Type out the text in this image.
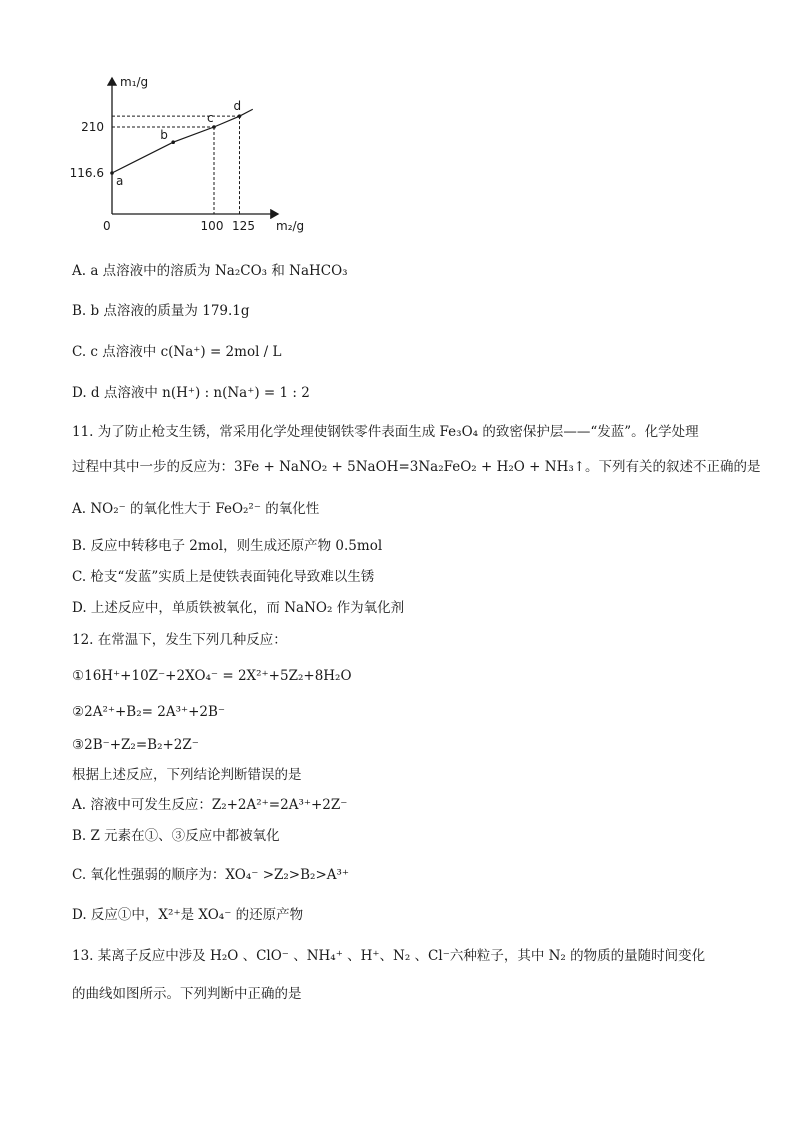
m₁/g
m₂/g
0
116.6
210
100 125
a
b
c
d
A. a 点溶液中的溶质为 Na₂CO₃ 和 NaHCO₃
B. b 点溶液的质量为 179.1g
C. c 点溶液中 c(Na⁺) = 2mol / L
D. d 点溶液中 n(H⁺) : n(Na⁺) = 1 : 2
11. 为了防止枪支生锈，常采用化学处理使钢铁零件表面生成 Fe₃O₄ 的致密保护层——“发蓝”。化学处理
过程中其中一步的反应为：3Fe + NaNO₂ + 5NaOH=3Na₂FeO₂ + H₂O + NH₃↑。下列有关的叙述不正确的是
A. NO₂⁻ 的氧化性大于 FeO₂²⁻ 的氧化性
B. 反应中转移电子 2mol，则生成还原产物 0.5mol
C. 枪支“发蓝”实质上是使铁表面钝化导致难以生锈
D. 上述反应中，单质铁被氧化，而 NaNO₂ 作为氧化剂
12. 在常温下，发生下列几种反应：
①16H⁺+10Z⁻+2XO₄⁻ = 2X²⁺+5Z₂+8H₂O
②2A²⁺+B₂= 2A³⁺+2B⁻
③2B⁻+Z₂=B₂+2Z⁻
根据上述反应，下列结论判断错误的是
A. 溶液中可发生反应：Z₂+2A²⁺=2A³⁺+2Z⁻
B. Z 元素在①、③反应中都被氧化
C. 氧化性强弱的顺序为：XO₄⁻ >Z₂>B₂>A³⁺
D. 反应①中，X²⁺是 XO₄⁻ 的还原产物
13. 某离子反应中涉及 H₂O 、ClO⁻ 、NH₄⁺ 、H⁺、N₂ 、Cl⁻六种粒子，其中 N₂ 的物质的量随时间变化
的曲线如图所示。下列判断中正确的是
